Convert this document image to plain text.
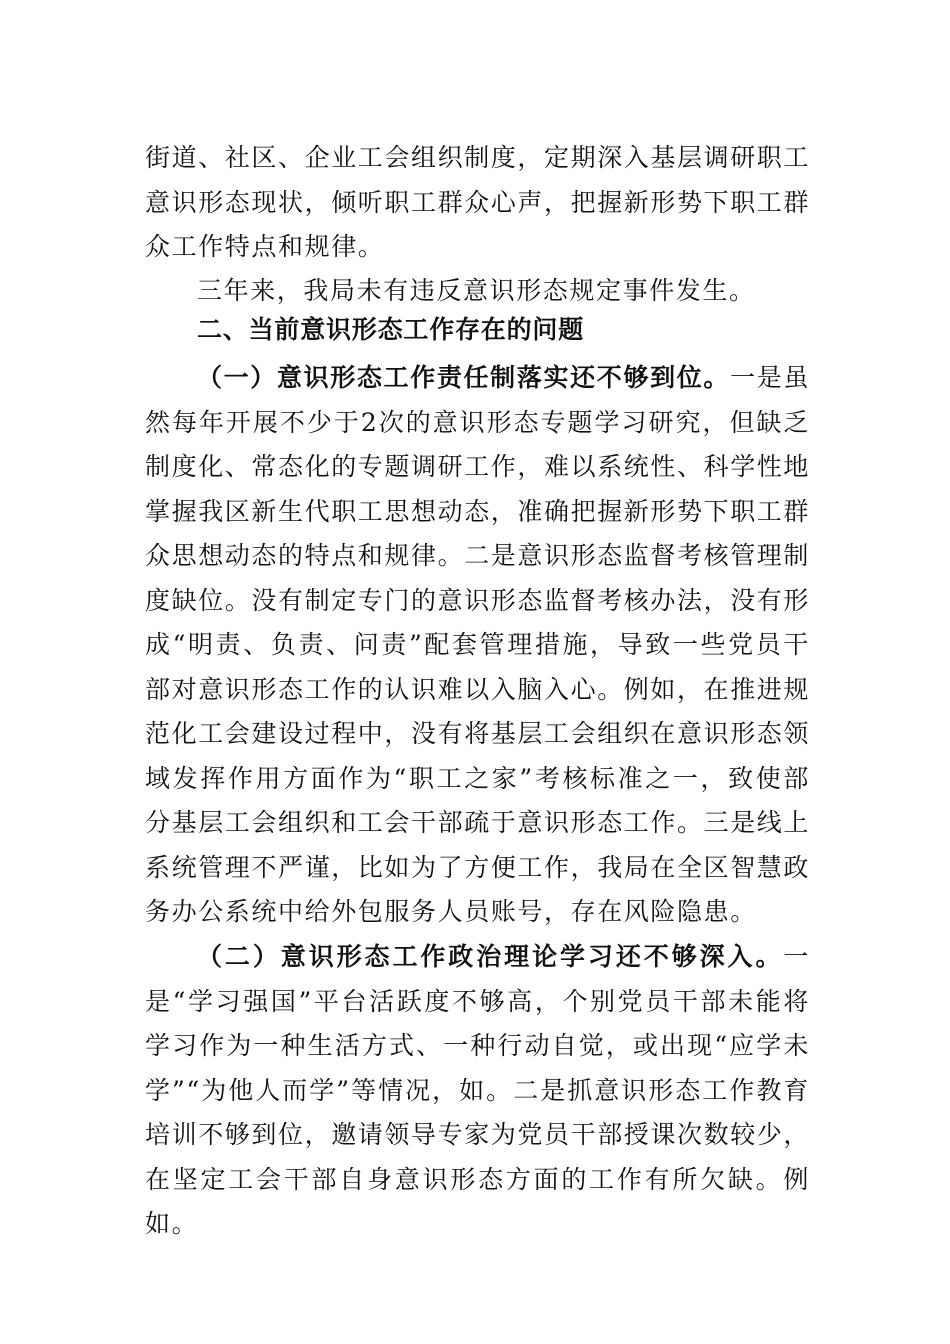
街道、社区、企业工会组织制度，定期深入基层调研职工意识形态现状，倾听职工群众心声，把握新形势下职工群众工作特点和规律。

三年来，我局未有违反意识形态规定事件发生。

二、当前意识形态工作存在的问题

（一）意识形态工作责任制落实还不够到位。一是虽然每年开展不少于2次的意识形态专题学习研究，但缺乏制度化、常态化的专题调研工作，难以系统性、科学性地掌握我区新生代职工思想动态，准确把握新形势下职工群众思想动态的特点和规律。二是意识形态监督考核管理制度缺位。没有制定专门的意识形态监督考核办法，没有形成“明责、负责、问责”配套管理措施，导致一些党员干部对意识形态工作的认识难以入脑入心。例如，在推进规范化工会建设过程中，没有将基层工会组织在意识形态领域发挥作用方面作为“职工之家”考核标准之一，致使部分基层工会组织和工会干部疏于意识形态工作。三是线上系统管理不严谨，比如为了方便工作，我局在全区智慧政务办公系统中给外包服务人员账号，存在风险隐患。

（二）意识形态工作政治理论学习还不够深入。一是“学习强国”平台活跃度不够高，个别党员干部未能将学习作为一种生活方式、一种行动自觉，或出现“应学未学”“为他人而学”等情况，如。二是抓意识形态工作教育培训不够到位，邀请领导专家为党员干部授课次数较少，在坚定工会干部自身意识形态方面的工作有所欠缺。例如。
